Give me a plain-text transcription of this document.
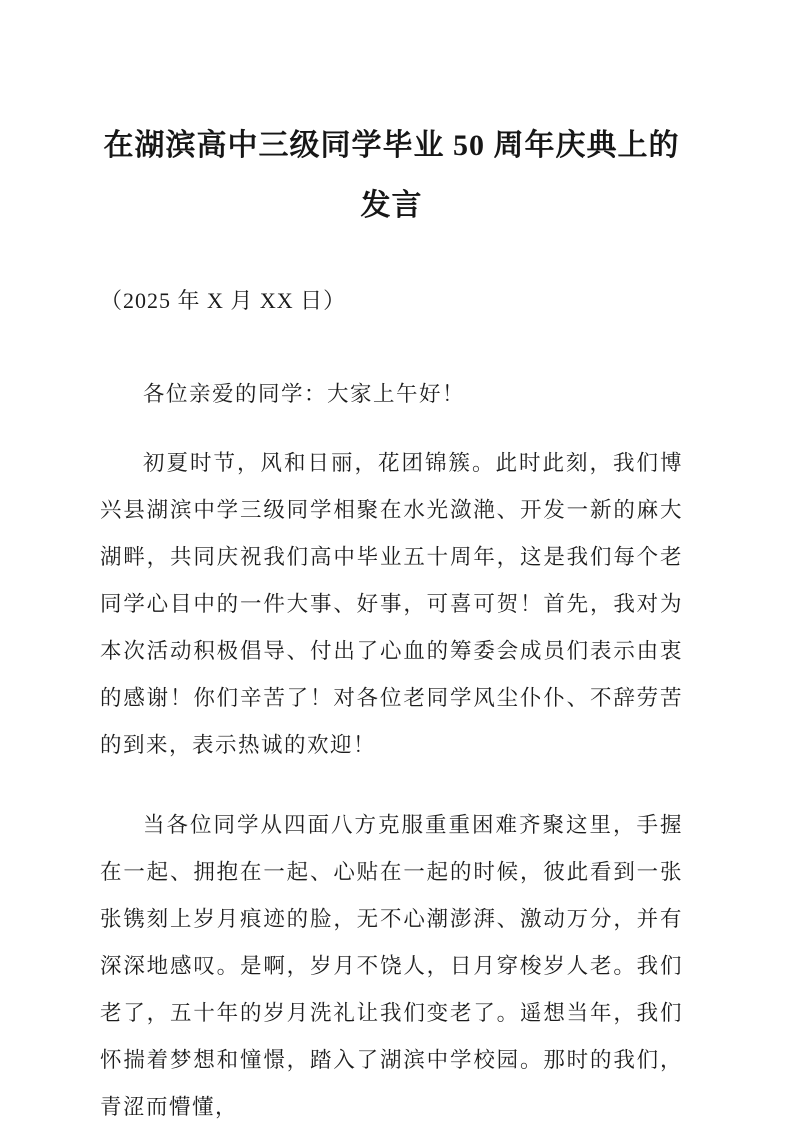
在湖滨高中三级同学毕业 50 周年庆典上的发言

（2025 年 X 月 XX 日）

各位亲爱的同学：大家上午好！

初夏时节，风和日丽，花团锦簇。此时此刻，我们博兴县湖滨中学三级同学相聚在水光潋滟、开发一新的麻大湖畔，共同庆祝我们高中毕业五十周年，这是我们每个老同学心目中的一件大事、好事，可喜可贺！首先，我对为本次活动积极倡导、付出了心血的筹委会成员们表示由衷的感谢！你们辛苦了！对各位老同学风尘仆仆、不辞劳苦的到来，表示热诚的欢迎！

当各位同学从四面八方克服重重困难齐聚这里，手握在一起、拥抱在一起、心贴在一起的时候，彼此看到一张张镌刻上岁月痕迹的脸，无不心潮澎湃、激动万分，并有深深地感叹。是啊，岁月不饶人，日月穿梭岁人老。我们老了，五十年的岁月洗礼让我们变老了。遥想当年，我们怀揣着梦想和憧憬，踏入了湖滨中学校园。那时的我们，青涩而懵懂，
